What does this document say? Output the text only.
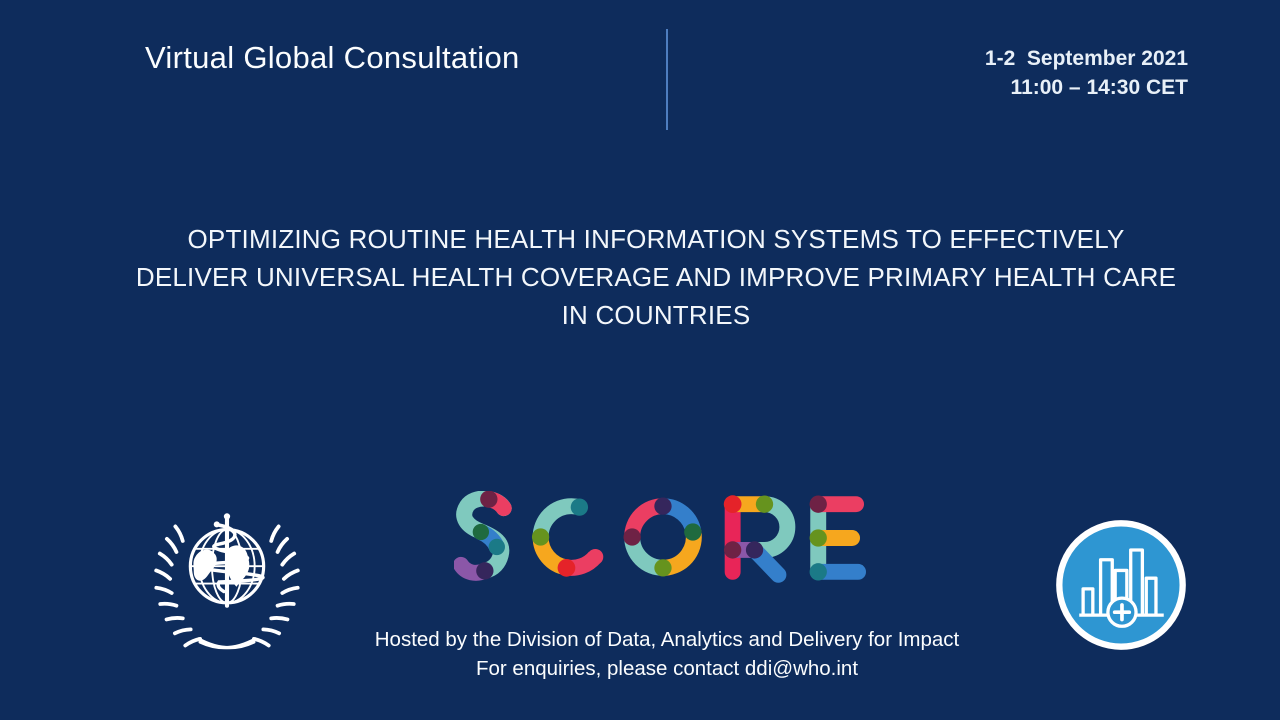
Virtual Global Consultation	1-2  September 2021
11:00 – 14:30 CET
OPTIMIZING ROUTINE HEALTH INFORMATION SYSTEMS TO EFFECTIVELY
DELIVER UNIVERSAL HEALTH COVERAGE AND IMPROVE PRIMARY HEALTH CARE
IN COUNTRIES
Hosted by the Division of Data, Analytics and Delivery for Impact
For enquiries, please contact ddi@who.int
